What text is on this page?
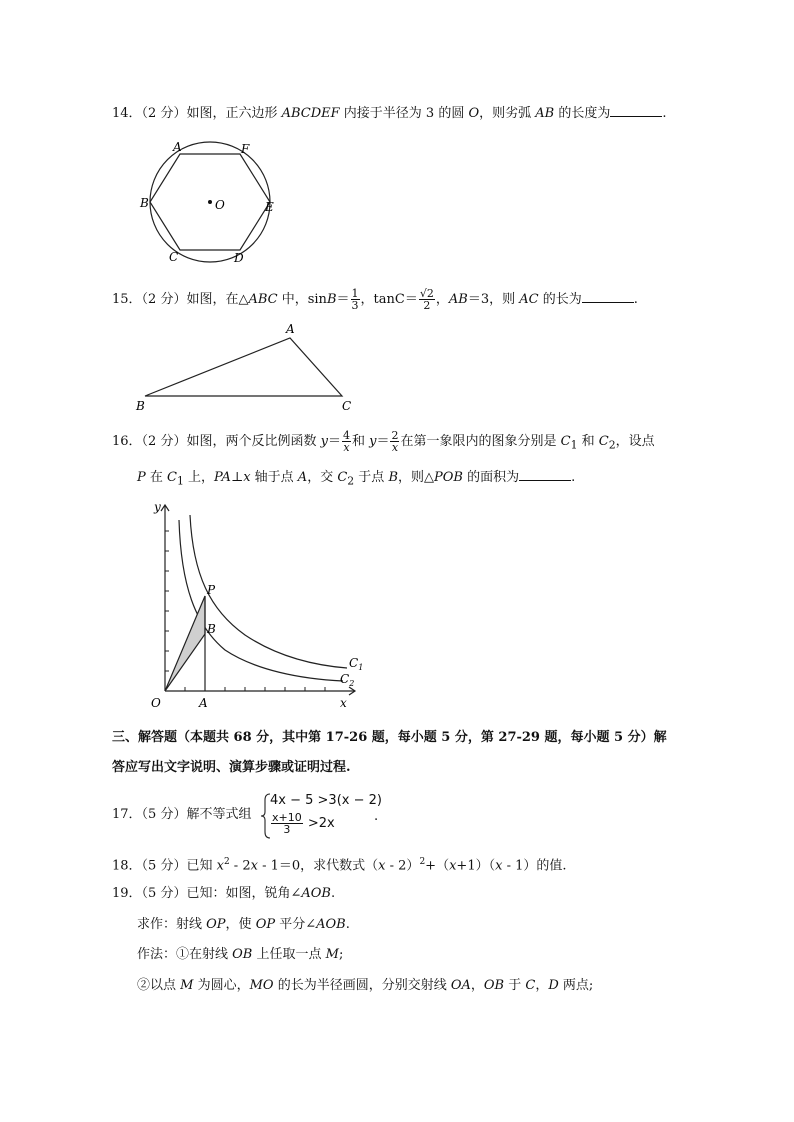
14．（2 分）如图，正六边形 ABCDEF 内接于半径为 3 的圆 O，则劣弧 AB 的长度为	.
A	F
B	O	E
C	D
15．（2 分）如图，在△ABC 中，$\sin B= \frac{1}{3}$ ，$\tan C= \frac{√2}{2}$ ，AB＝3，则 AC 的长为	.
A
B	C
16．（2 分）如图，两个反比例函数 $y= \frac{4}{x}$ 和 $y= \frac{2}{x}$ 在第一象限内的图象分别是 $C_1$ 和 $C_2$，设点
P 在 $C_1$ 上，PA⊥x 轴于点 A，交 $C_2$ 于点 B，则△POB 的面积为	.
y
x
O	A
P
B
$C_1$
$C_2$
三、解答题（本题共 68 分，其中第 17-26 题，每小题 5 分，第 27-29 题，每小题 5 分）解
答应写出文字说明、演算步骤或证明过程.
17．（5 分）解不等式组
4x − 5 >3(x − 2)
$\frac{x+10}{3} >2x$	.
18．（5 分）已知 $x^2 - 2x - 1=0$，求代数式（x - 2）$^2$+（x+1）（x - 1）的值.
19．（5 分）已知：如图，锐角∠AOB.
求作：射线 OP，使 OP 平分∠AOB.
作法：①在射线 OB 上任取一点 M;
②以点 M 为圆心，MO 的长为半径画圆，分别交射线 OA，OB 于 C，D 两点;
